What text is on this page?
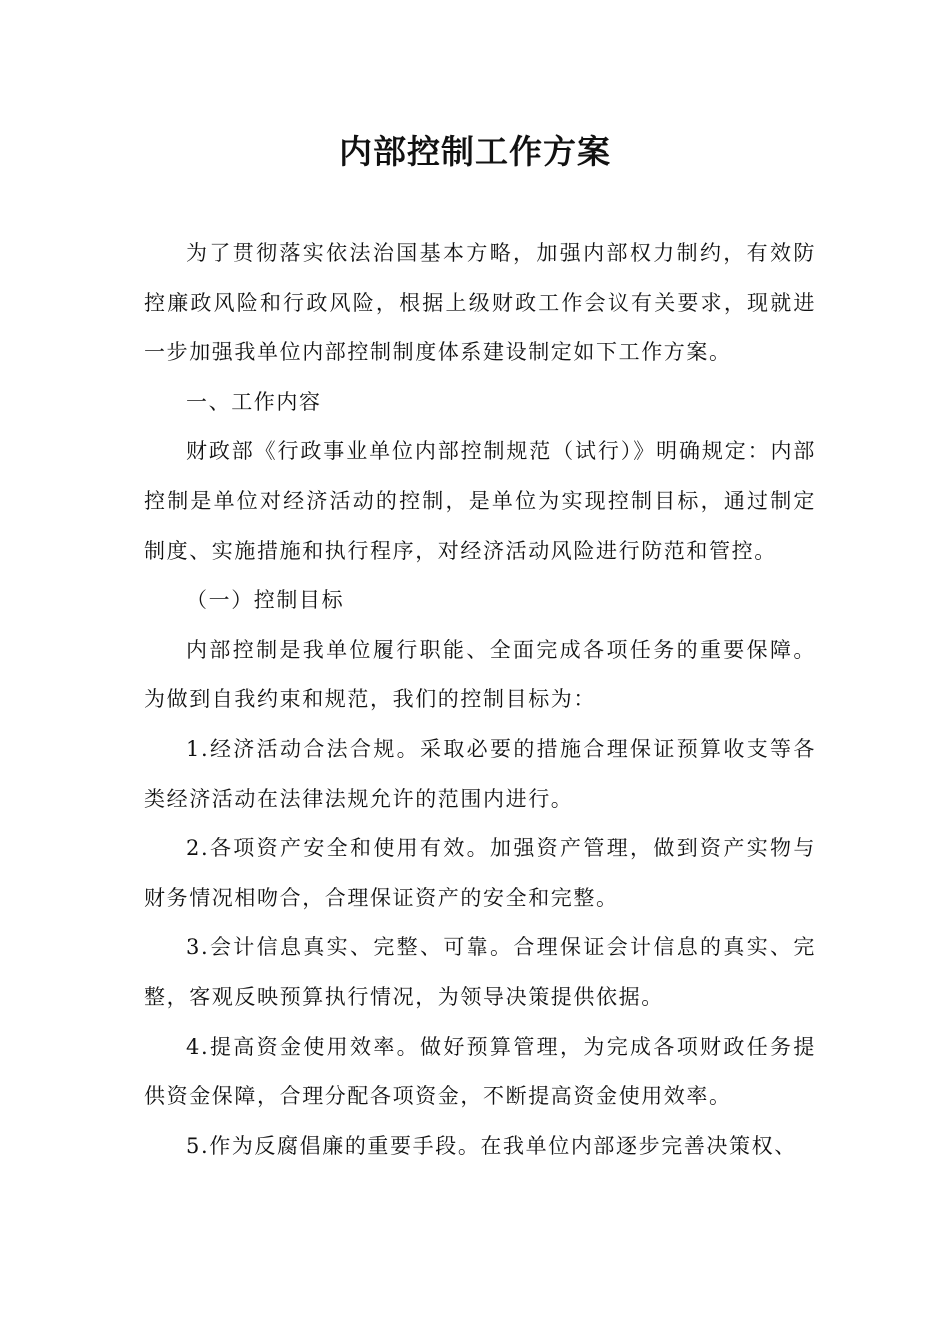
内部控制工作方案

为了贯彻落实依法治国基本方略，加强内部权力制约，有效防控廉政风险和行政风险，根据上级财政工作会议有关要求，现就进一步加强我单位内部控制制度体系建设制定如下工作方案。

一、工作内容

财政部《行政事业单位内部控制规范（试行）》明确规定：内部控制是单位对经济活动的控制，是单位为实现控制目标，通过制定制度、实施措施和执行程序，对经济活动风险进行防范和管控。

（一）控制目标

内部控制是我单位履行职能、全面完成各项任务的重要保障。为做到自我约束和规范，我们的控制目标为：

1.经济活动合法合规。采取必要的措施合理保证预算收支等各类经济活动在法律法规允许的范围内进行。

2.各项资产安全和使用有效。加强资产管理，做到资产实物与财务情况相吻合，合理保证资产的安全和完整。

3.会计信息真实、完整、可靠。合理保证会计信息的真实、完整，客观反映预算执行情况，为领导决策提供依据。

4.提高资金使用效率。做好预算管理，为完成各项财政任务提供资金保障，合理分配各项资金，不断提高资金使用效率。

5.作为反腐倡廉的重要手段。在我单位内部逐步完善决策权、
